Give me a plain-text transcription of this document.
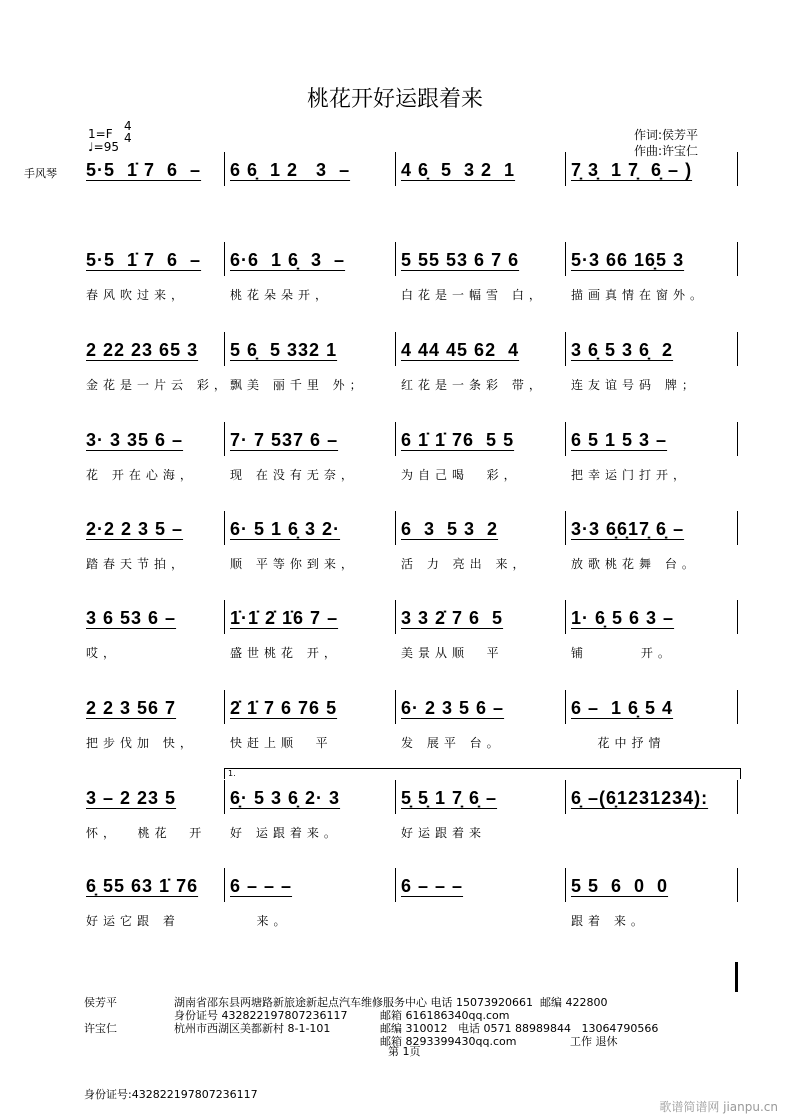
桃花开好运跟着来
1=F
♩=95
4
4	作词:侯芳平
作曲:许宝仁
手风琴 5·5  1̇ 7  6  –	6 6̣  1 2   3  –	4 6̣  5  3 2  1	7̣ 3̣  1 7̣  6̣ – )
5·5  1̇ 7  6  –
春风吹过来，
6·6  1 6̣  3  –
桃花朵朵开，
5 55 53 6 7 6
白花是一幅雪 白，
5·3 66 16̣5 3
描画真情在窗外。
2 22 23 65 3
金花是一片云 彩，
5 6̣  5 332 1
飘美 丽千里 外；
4 44 45 62  4
红花是一条彩 带，
3 6̣ 5 3 6̣  2
连友谊号码 牌；
3· 3 35 6 –
花 开在心海，
7· 7 537 6 –
现 在没有无奈，
6 1̇ 1̇ 76  5 5
为自己喝  彩，
6 5 1 5 3 –
把幸运门打开，
2·2 2 3 5 –
踏春天节拍，
6· 5 1 6̣ 3 2·
顺 平等你到来，
6  3  5 3  2
活 力 亮出 来，
3·3 6̣6̣17̣ 6̣ –
放歌桃花舞 台。
3 6 53 6 –
哎，
1̇·1̇ 2̇ 1̇6 7 –
盛世桃花 开，
3 3 2̇ 7 6  5
美景从顺  平
1· 6̣ 5 6 3 –
铺      开。
2 2 3 56 7
把步伐加 快，
2̇ 1̇ 7 6 76 5
快赶上顺  平
6· 2 3 5 6 –
发 展平 台。
6 –  1 6̣ 5 4
花中抒情
3 – 2 23 5
怀，  桃花  开
6̣· 5 3 6̣ 2· 3
好 运跟着来。
5̣ 5̣ 1 7̣ 6̣ –
好运跟着来
6̣ –(6̣1231234):
6̣ 55 63 1̇ 76
好运它跟 着
6 – – –
来。
6 – – –	5 5  6  0  0
跟着 来。
1.
侯芳平	湖南省邵东县两塘路新旅途新起点汽车维修服务中心 电话 15073920661  邮编 422800
身份证号 432822197807236117	邮箱 616186340qq.com
许宝仁	杭州市西湖区美都新村 8-1-101	邮编 310012   电话 0571 88989844   13064790566
邮箱 8293399430qq.com	工作 退休
第 1页
身份证号:432822197807236117
歌谱简谱网 jianpu.cn
